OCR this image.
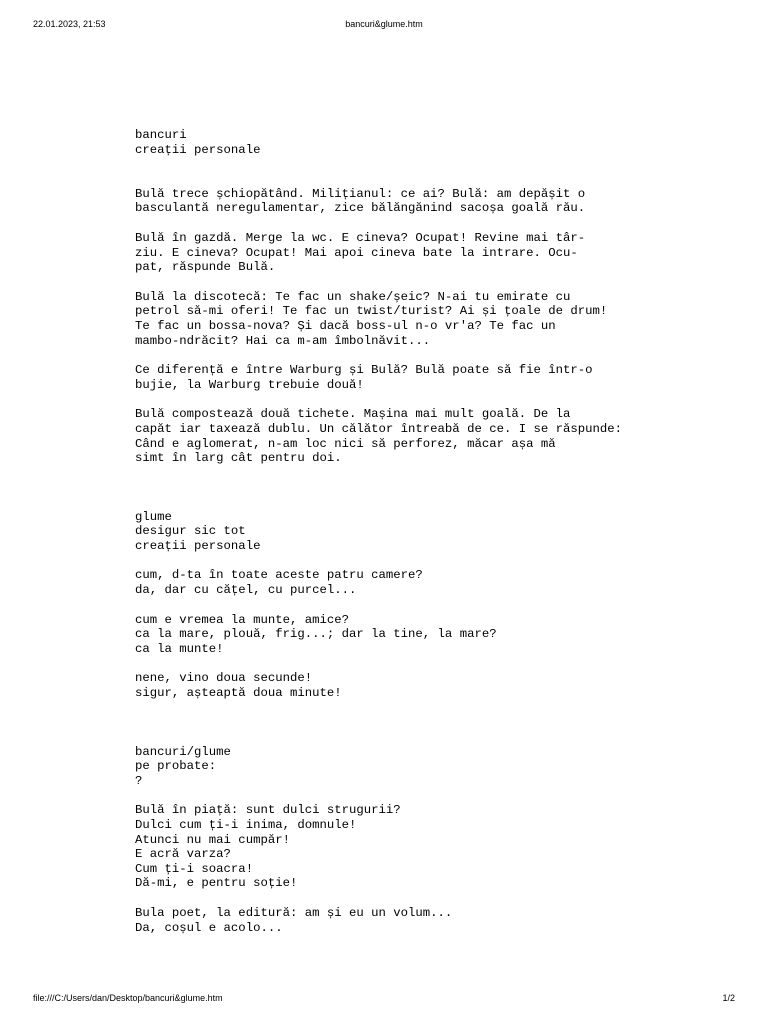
22.01.2023, 21:53	bancuri&glume.htm
bancuri
creații personale
Bulă trece șchiopătând. Milițianul: ce ai? Bulă: am depășit o
basculantă neregulamentar, zice bălăngănind sacoșa goală rău.
Bulă în gazdă. Merge la wc. E cineva? Ocupat! Revine mai târ-
ziu. E cineva? Ocupat! Mai apoi cineva bate la intrare. Ocu-
pat, răspunde Bulă.
Bulă la discotecă: Te fac un shake/șeic? N-ai tu emirate cu
petrol să-mi oferi! Te fac un twist/turist? Ai și țoale de drum!
Te fac un bossa-nova? Și dacă boss-ul n-o vr'a? Te fac un
mambo-ndrăcit? Hai ca m-am îmbolnăvit...
Ce diferență e între Warburg și Bulă? Bulă poate să fie într-o
bujie, la Warburg trebuie două!
Bulă compostează două tichete. Mașina mai mult goală. De la
capăt iar taxează dublu. Un călător întreabă de ce. I se răspunde:
Când e aglomerat, n-am loc nici să perforez, măcar așa mă
simt în larg cât pentru doi.
glume
desigur sic tot
creații personale
cum, d-ta în toate aceste patru camere?
da, dar cu cățel, cu purcel...
cum e vremea la munte, amice?
ca la mare, plouă, frig...; dar la tine, la mare?
ca la munte!
nene, vino doua secunde!
sigur, așteaptă doua minute!
bancuri/glume
pe probate:
?
Bulă în piață: sunt dulci strugurii?
Dulci cum ți-i inima, domnule!
Atunci nu mai cumpăr!
E acră varza?
Cum ți-i soacra!
Dă-mi, e pentru soție!
Bula poet, la editură: am și eu un volum...
Da, coșul e acolo...
file:///C:/Users/dan/Desktop/bancuri&glume.htm	1/2
